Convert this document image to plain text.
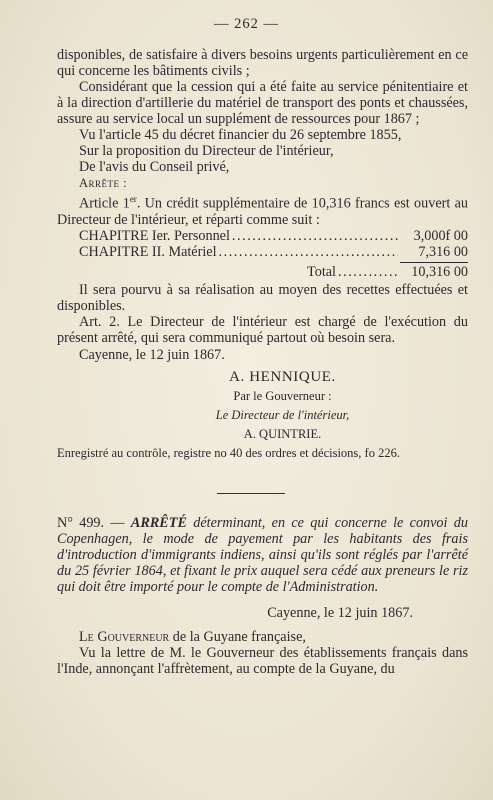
— 262 —

disponibles, de satisfaire à divers besoins urgents particulièrement en ce qui concerne les bâtiments civils ;

Considérant que la cession qui a été faite au service pénitentiaire et à la direction d'artillerie du matériel de transport des ponts et chaussées, assure au service local un supplément de ressources pour 1867 ;

Vu l'article 45 du décret financier du 26 septembre 1855,

Sur la proposition du Directeur de l'intérieur,

De l'avis du Conseil privé,

Arrête :

Article 1er. Un crédit supplémentaire de 10,316 francs est ouvert au Directeur de l'intérieur, et réparti comme suit :

CHAPITRE Ier. Personnel . . .	3,000f 00
CHAPITRE II. Matériel . . .	7,316 00
Total . . .	10,316 00

Il sera pourvu à sa réalisation au moyen des recettes effectuées et disponibles.

Art. 2. Le Directeur de l'intérieur est chargé de l'exécution du présent arrêté, qui sera communiqué partout où besoin sera.

Cayenne, le 12 juin 1867.

A. HENNIQUE.

Par le Gouverneur :

Le Directeur de l'intérieur,

A. QUINTRIE.

Enregistré au contrôle, registre no 40 des ordres et décisions, fo 226.

N° 499. — ARRÊTÉ déterminant, en ce qui concerne le convoi du Copenhagen, le mode de payement par les habitants des frais d'introduction d'immigrants indiens, ainsi qu'ils sont réglés par l'arrêté du 25 février 1864, et fixant le prix auquel sera cédé aux preneurs le riz qui doit être importé pour le compte de l'Administration.

Cayenne, le 12 juin 1867.

Le Gouverneur de la Guyane française,

Vu la lettre de M. le Gouverneur des établissements français dans l'Inde, annonçant l'affrètement, au compte de la Guyane, du
